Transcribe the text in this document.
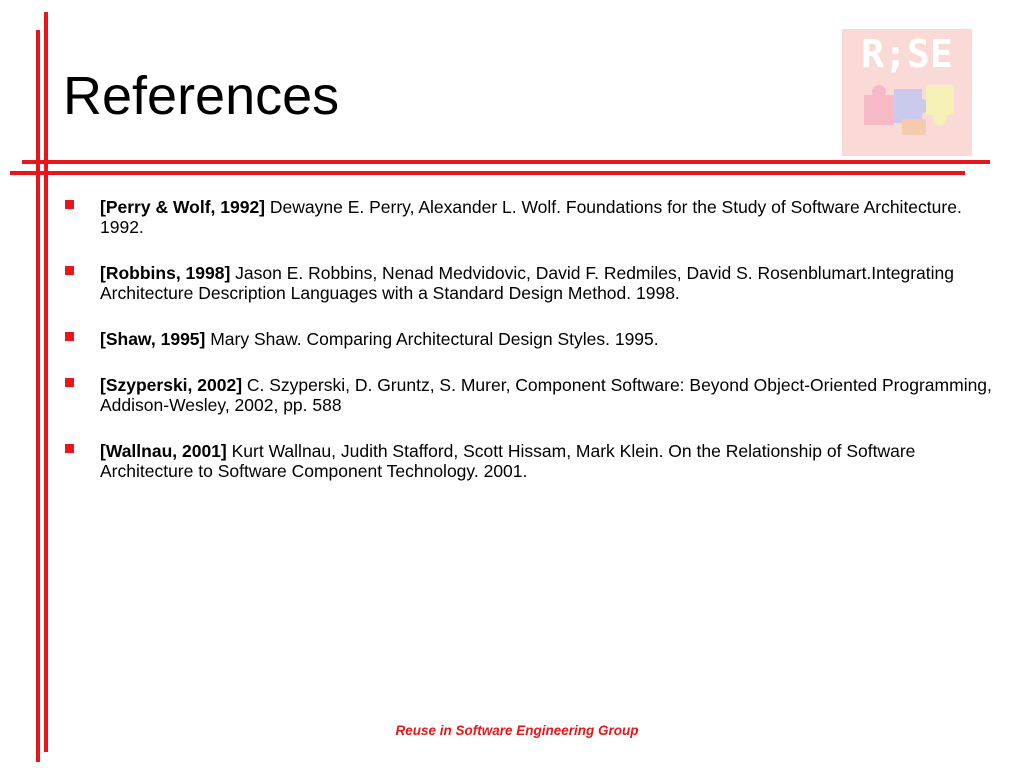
References
R;SE
[Perry & Wolf, 1992] Dewayne E. Perry, Alexander L. Wolf. Foundations for the Study of Software Architecture. 1992.
[Robbins, 1998] Jason E. Robbins, Nenad Medvidovic, David F. Redmiles, David S. Rosenblumart.Integrating Architecture Description Languages with a Standard Design Method. 1998.
[Shaw, 1995] Mary Shaw. Comparing Architectural Design Styles. 1995.
[Szyperski, 2002] C. Szyperski, D. Gruntz, S. Murer, Component Software: Beyond Object-Oriented Programming, Addison-Wesley, 2002, pp. 588
[Wallnau, 2001] Kurt Wallnau, Judith Stafford, Scott Hissam, Mark Klein. On the Relationship of Software Architecture to Software Component Technology. 2001.
Reuse in Software Engineering Group
